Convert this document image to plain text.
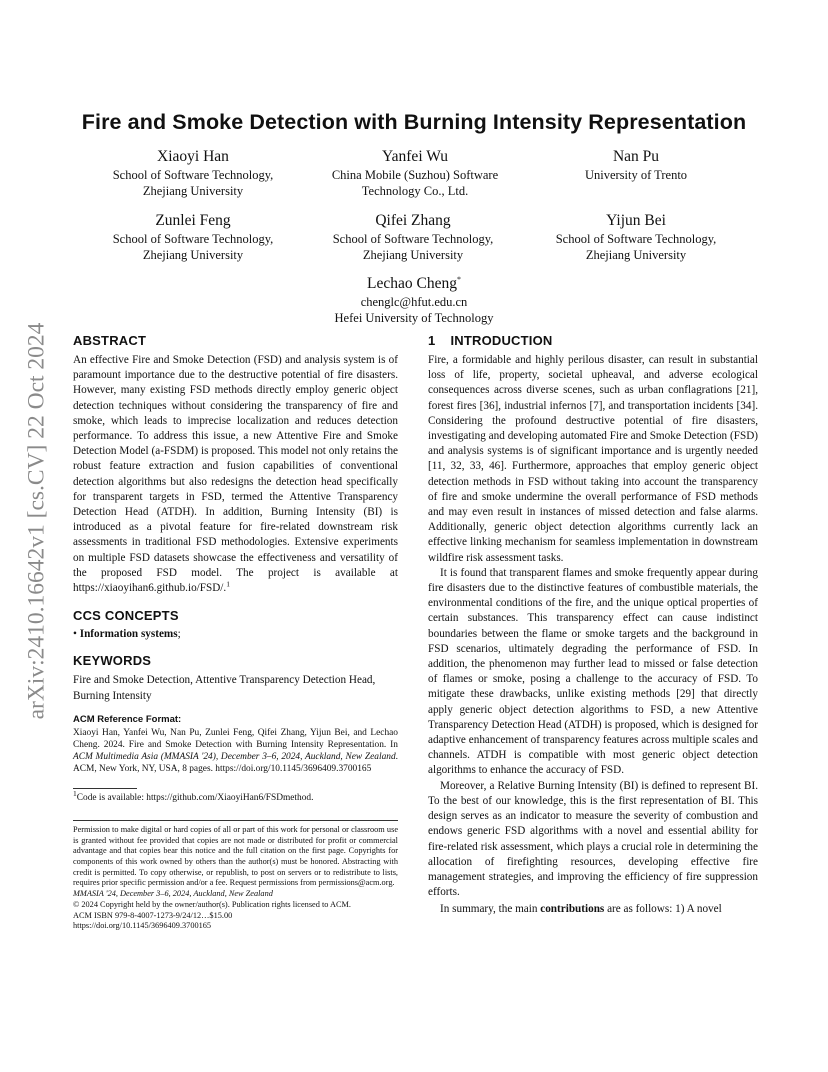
arXiv:2410.16642v1 [cs.CV] 22 Oct 2024
Fire and Smoke Detection with Burning Intensity Representation
Xiaoyi Han
School of Software Technology,
Zhejiang University
Yanfei Wu
China Mobile (Suzhou) Software
Technology Co., Ltd.
Nan Pu
University of Trento
Zunlei Feng
School of Software Technology,
Zhejiang University
Qifei Zhang
School of Software Technology,
Zhejiang University
Yijun Bei
School of Software Technology,
Zhejiang University
Lechao Cheng*
chenglc@hfut.edu.cn
Hefei University of Technology
ABSTRACT

An effective Fire and Smoke Detection (FSD) and analysis system is of paramount importance due to the destructive potential of fire disasters. However, many existing FSD methods directly employ generic object detection techniques without considering the transparency of fire and smoke, which leads to imprecise localization and reduces detection performance. To address this issue, a new Attentive Fire and Smoke Detection Model (a-FSDM) is proposed. This model not only retains the robust feature extraction and fusion capabilities of conventional detection algorithms but also redesigns the detection head specifically for transparent targets in FSD, termed the Attentive Transparency Detection Head (ATDH). In addition, Burning Intensity (BI) is introduced as a pivotal feature for fire-related downstream risk assessments in traditional FSD methodologies. Extensive experiments on multiple FSD datasets showcase the effectiveness and versatility of the proposed FSD model. The project is available at https://xiaoyihan6.github.io/FSD/.$^1$

CCS CONCEPTS

• Information systems;

KEYWORDS

Fire and Smoke Detection, Attentive Transparency Detection Head, Burning Intensity

ACM Reference Format:

Xiaoyi Han, Yanfei Wu, Nan Pu, Zunlei Feng, Qifei Zhang, Yijun Bei, and Lechao Cheng. 2024. Fire and Smoke Detection with Burning Intensity Representation. In ACM Multimedia Asia (MMASIA '24), December 3–6, 2024, Auckland, New Zealand. ACM, New York, NY, USA, 8 pages. https://doi.org/10.1145/3696409.3700165

$^1$Code is available: https://github.com/XiaoyiHan6/FSDmethod.

Permission to make digital or hard copies of all or part of this work for personal or classroom use is granted without fee provided that copies are not made or distributed for profit or commercial advantage and that copies bear this notice and the full citation on the first page. Copyrights for components of this work owned by others than the author(s) must be honored. Abstracting with credit is permitted. To copy otherwise, or republish, to post on servers or to redistribute to lists, requires prior specific permission and/or a fee. Request permissions from permissions@acm.org.

MMASIA '24, December 3–6, 2024, Auckland, New Zealand

© 2024 Copyright held by the owner/author(s). Publication rights licensed to ACM.

ACM ISBN 979-8-4007-1273-9/24/12…$15.00

https://doi.org/10.1145/3696409.3700165

1 INTRODUCTION

Fire, a formidable and highly perilous disaster, can result in substantial loss of life, property, societal upheaval, and adverse ecological consequences across diverse scenes, such as urban conflagrations [21], forest fires [36], industrial infernos [7], and transportation incidents [34]. Considering the profound destructive potential of fire disasters, investigating and developing automated Fire and Smoke Detection (FSD) and analysis systems is of significant importance and is urgently needed [11, 32, 33, 46]. Furthermore, approaches that employ generic object detection methods in FSD without taking into account the transparency of fire and smoke undermine the overall performance of FSD methods and may even result in instances of missed detection and false alarms. Additionally, generic object detection algorithms currently lack an effective linking mechanism for seamless implementation in downstream wildfire risk assessment tasks.

It is found that transparent flames and smoke frequently appear during fire disasters due to the distinctive features of combustible materials, the environmental conditions of the fire, and the unique optical properties of certain substances. This transparency effect can cause indistinct boundaries between the flame or smoke targets and the background in FSD scenarios, ultimately degrading the performance of FSD. In addition, the phenomenon may further lead to missed or false detection of flames or smoke, posing a challenge to the accuracy of FSD. To mitigate these drawbacks, unlike existing methods [29] that directly apply generic object detection algorithms to FSD, a new Attentive Transparency Detection Head (ATDH) is proposed, which is designed for adaptive enhancement of transparency features across multiple scales and channels. ATDH is compatible with most generic object detection algorithms to enhance the accuracy of FSD.

Moreover, a Relative Burning Intensity (BI) is defined to represent BI. To the best of our knowledge, this is the first representation of BI. This design serves as an indicator to measure the severity of combustion and endows generic FSD algorithms with a novel and essential ability for fire-related risk assessment, which plays a crucial role in determining the allocation of firefighting resources, developing effective fire management strategies, and improving the efficiency of fire suppression efforts.

In summary, the main contributions are as follows: 1) A novel
